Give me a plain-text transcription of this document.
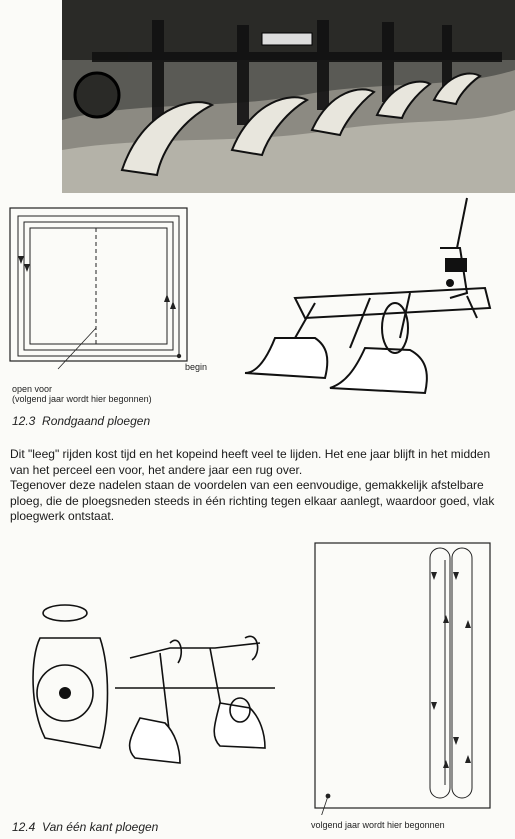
begin
open voor
(volgend jaar wordt hier begonnen)
12.3 Rondgaand ploegen

Dit "leeg" rijden kost tijd en het kopeind heeft veel te lijden. Het ene jaar blijft in het midden van het perceel een voor, het andere jaar een rug over.

Tegenover deze nadelen staan de voordelen van een eenvoudige, gemakkelijk afstelbare ploeg, die de ploegsneden steeds in één richting tegen elkaar aanlegt, waardoor goed, vlak ploegwerk ontstaat.

volgend jaar wordt hier begonnen
12.4 Van één kant ploegen
